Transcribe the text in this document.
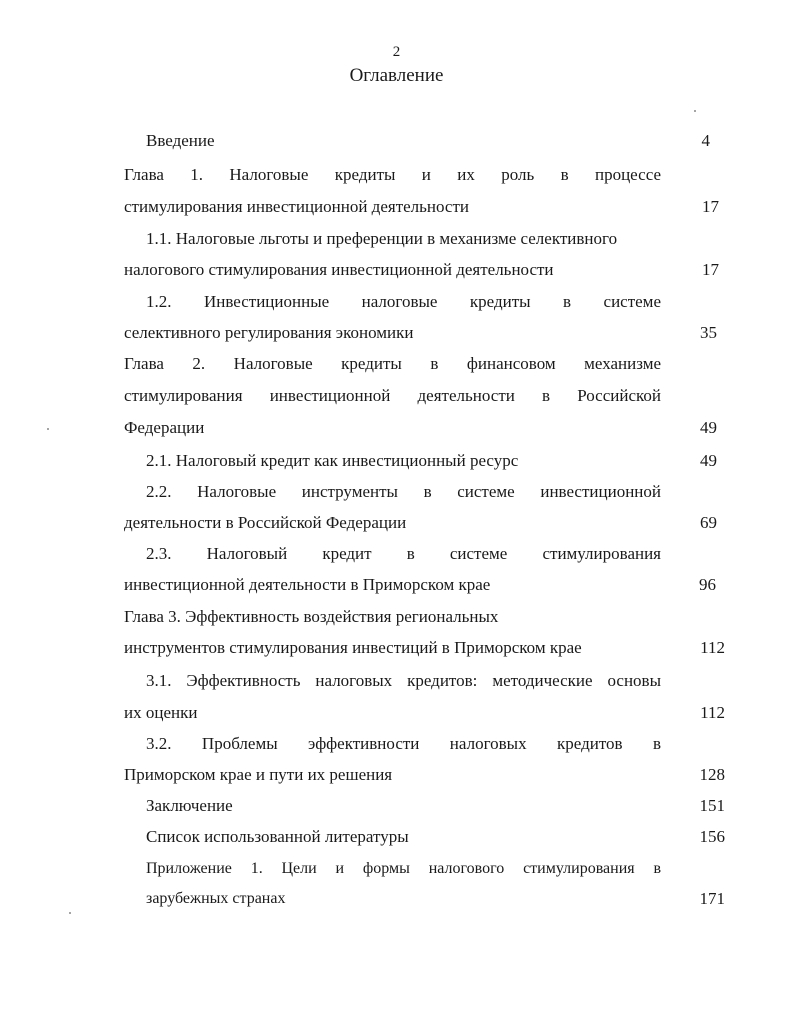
2
Оглавление
Введение	4
Глава 1. Налоговые кредиты и их роль в процессе
стимулирования инвестиционной деятельности	17
1.1. Налоговые льготы и преференции в механизме селективного
налогового стимулирования инвестиционной деятельности	17
1.2. Инвестиционные налоговые кредиты в системе
селективного регулирования экономики	35
Глава 2. Налоговые кредиты в финансовом механизме
стимулирования инвестиционной деятельности в Российской
Федерации	49
2.1. Налоговый кредит как инвестиционный ресурс	49
2.2. Налоговые инструменты в системе инвестиционной
деятельности в Российской Федерации	69
2.3. Налоговый кредит в системе стимулирования
инвестиционной деятельности в Приморском крае	96
Глава 3. Эффективность воздействия региональных
инструментов стимулирования инвестиций в Приморском крае	112
3.1. Эффективность налоговых кредитов: методические основы
их оценки	112
3.2. Проблемы эффективности налоговых кредитов в
Приморском крае и пути их решения	128
Заключение	151
Список использованной литературы	156
Приложение 1. Цели и формы налогового стимулирования в
зарубежных странах	171
